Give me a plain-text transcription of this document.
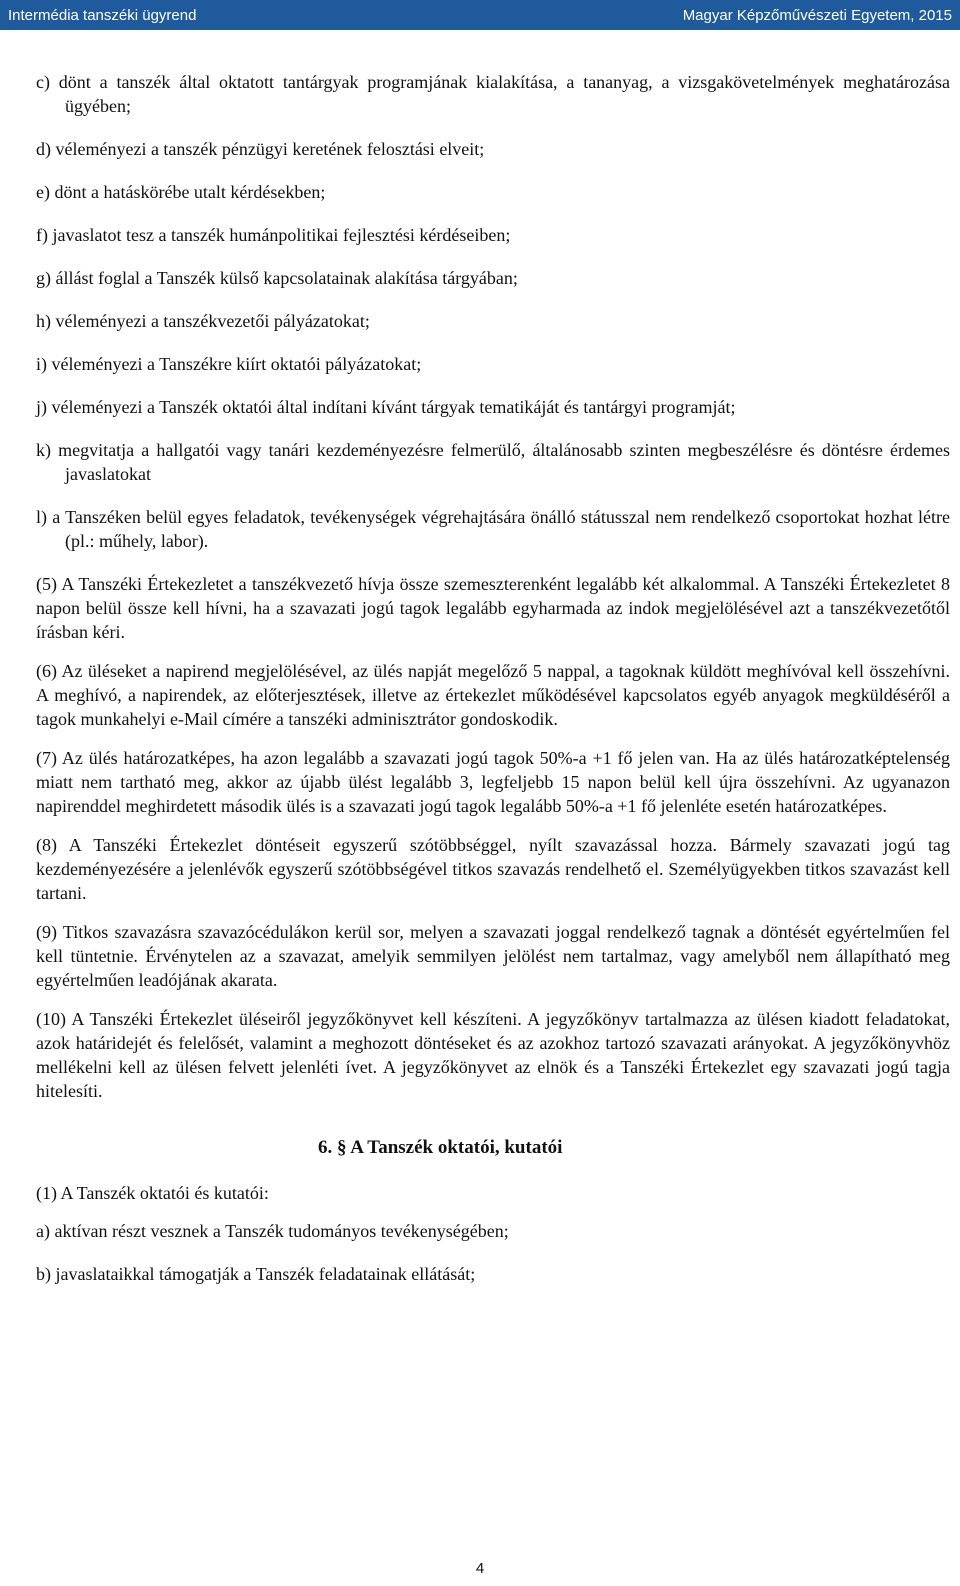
Intermédia tanszéki ügyrend	Magyar Képzőművészeti Egyetem, 2015
c) dönt a tanszék által oktatott tantárgyak programjának kialakítása, a tananyag, a vizsgakövetelmények meghatározása ügyében;
d) véleményezi a tanszék pénzügyi keretének felosztási elveit;
e) dönt a hatáskörébe utalt kérdésekben;
f) javaslatot tesz a tanszék humánpolitikai fejlesztési kérdéseiben;
g) állást foglal a Tanszék külső kapcsolatainak alakítása tárgyában;
h) véleményezi a tanszékvezetői pályázatokat;
i) véleményezi a Tanszékre kiírt oktatói pályázatokat;
j) véleményezi a Tanszék oktatói által indítani kívánt tárgyak tematikáját és tantárgyi programját;
k) megvitatja a hallgatói vagy tanári kezdeményezésre felmerülő, általánosabb szinten megbeszélésre és döntésre érdemes javaslatokat
l) a Tanszéken belül egyes feladatok, tevékenységek végrehajtására önálló státusszal nem rendelkező csoportokat hozhat létre (pl.: műhely, labor).

(5) A Tanszéki Értekezletet a tanszékvezető hívja össze szemeszterenként legalább két alkalommal. A Tanszéki Értekezletet 8 napon belül össze kell hívni, ha a szavazati jogú tagok legalább egyharmada az indok megjelölésével azt a tanszékvezetőtől írásban kéri.

(6) Az üléseket a napirend megjelölésével, az ülés napját megelőző 5 nappal, a tagoknak küldött meghívóval kell összehívni. A meghívó, a napirendek, az előterjesztések, illetve az értekezlet működésével kapcsolatos egyéb anyagok megküldéséről a tagok munkahelyi e-Mail címére a tanszéki adminisztrátor gondoskodik.

(7) Az ülés határozatképes, ha azon legalább a szavazati jogú tagok 50%-a +1 fő jelen van. Ha az ülés határozatképtelenség miatt nem tartható meg, akkor az újabb ülést legalább 3, legfeljebb 15 napon belül kell újra összehívni. Az ugyanazon napirenddel meghirdetett második ülés is a szavazati jogú tagok legalább 50%-a +1 fő jelenléte esetén határozatképes.

(8) A Tanszéki Értekezlet döntéseit egyszerű szótöbbséggel, nyílt szavazással hozza. Bármely szavazati jogú tag kezdeményezésére a jelenlévők egyszerű szótöbbségével titkos szavazás rendelhető el. Személyügyekben titkos szavazást kell tartani.

(9) Titkos szavazásra szavazócédulákon kerül sor, melyen a szavazati joggal rendelkező tagnak a döntését egyértelműen fel kell tüntetnie. Érvénytelen az a szavazat, amelyik semmilyen jelölést nem tartalmaz, vagy amelyből nem állapítható meg egyértelműen leadójának akarata.

(10) A Tanszéki Értekezlet üléseiről jegyzőkönyvet kell készíteni. A jegyzőkönyv tartalmazza az ülésen kiadott feladatokat, azok határidejét és felelősét, valamint a meghozott döntéseket és az azokhoz tartozó szavazati arányokat. A jegyzőkönyvhöz mellékelni kell az ülésen felvett jelenléti ívet. A jegyzőkönyvet az elnök és a Tanszéki Értekezlet egy szavazati jogú tagja hitelesíti.

6. § A Tanszék oktatói, kutatói

(1) A Tanszék oktatói és kutatói:

a) aktívan részt vesznek a Tanszék tudományos tevékenységében;
b) javaslataikkal támogatják a Tanszék feladatainak ellátását;
4
